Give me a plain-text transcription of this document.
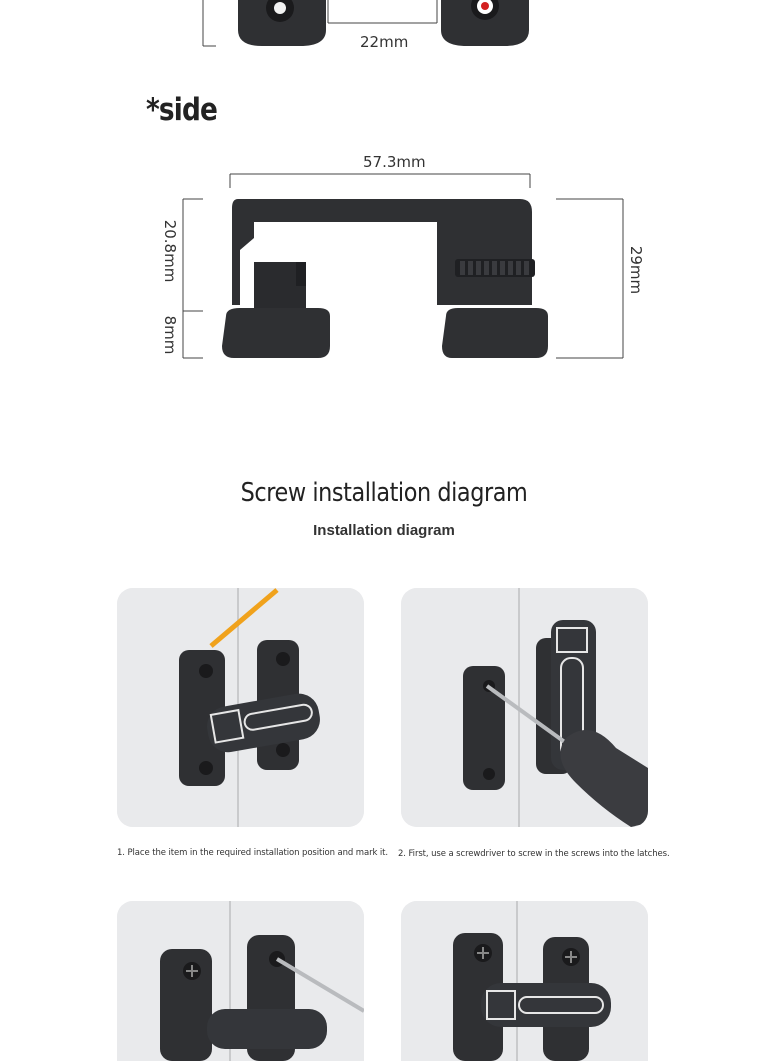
22mm
*side
57.3mm
20.8mm
8mm
29mm
Screw installation diagram
Installation diagram
1. Place the item in the required installation position and mark it. 2. First, use a screwdriver to screw in the screws into the latches.
